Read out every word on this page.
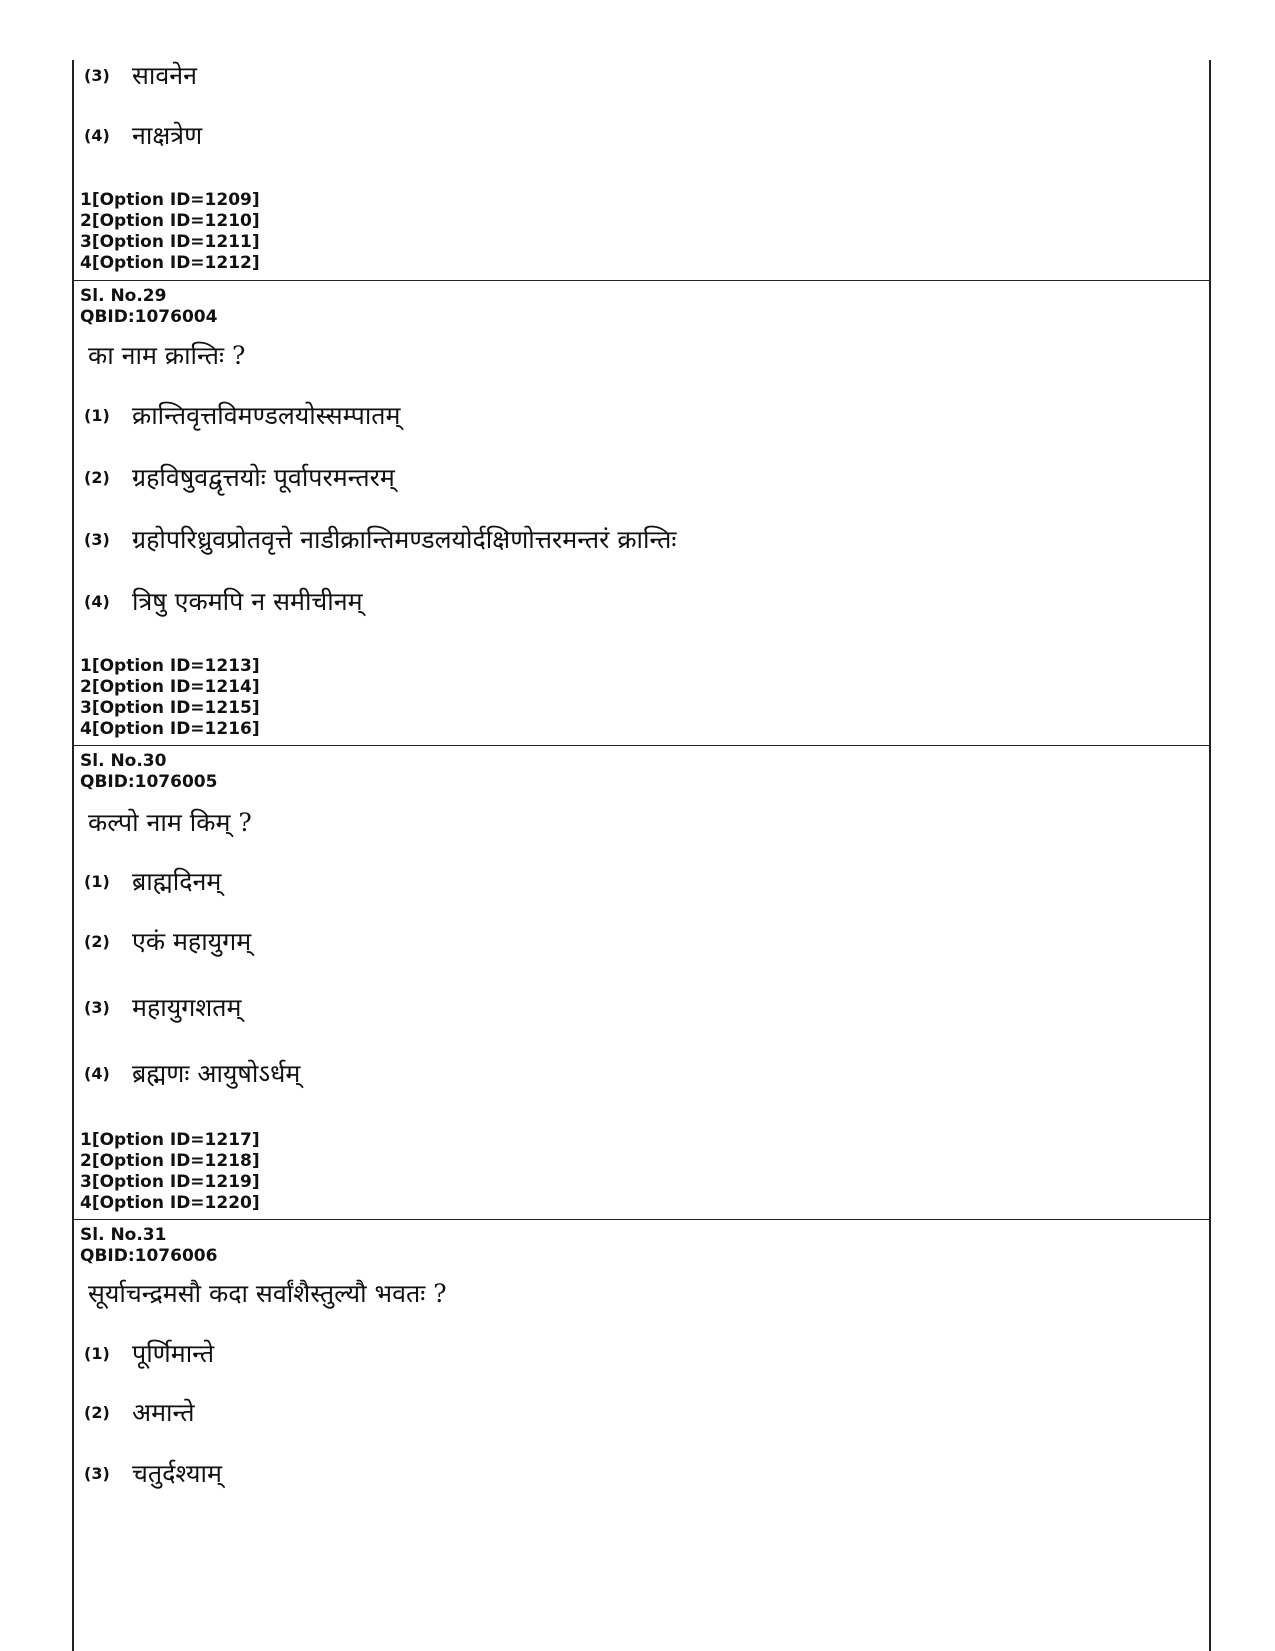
(3) सावनेन
(4) नाक्षत्रेण
1[Option ID=1209]
2[Option ID=1210]
3[Option ID=1211]
4[Option ID=1212]
Sl. No.29
QBID:1076004
का नाम क्रान्तिः ?
(1) क्रान्तिवृत्तविमण्डलयोस्सम्पातम्
(2) ग्रहविषुवद्वृत्तयोः पूर्वापरमन्तरम्
(3) ग्रहोपरिध्रुवप्रोतवृत्ते नाडीक्रान्तिमण्डलयोर्दक्षिणोत्तरमन्तरं क्रान्तिः
(4) त्रिषु एकमपि न समीचीनम्
1[Option ID=1213]
2[Option ID=1214]
3[Option ID=1215]
4[Option ID=1216]
Sl. No.30
QBID:1076005
कल्पो नाम किम् ?
(1) ब्राह्मदिनम्
(2) एकं महायुगम्
(3) महायुगशतम्
(4) ब्रह्मणः आयुषोऽर्धम्
1[Option ID=1217]
2[Option ID=1218]
3[Option ID=1219]
4[Option ID=1220]
Sl. No.31
QBID:1076006
सूर्याचन्द्रमसौ कदा सर्वांशैस्तुल्यौ भवतः ?
(1) पूर्णिमान्ते
(2) अमान्ते
(3) चतुर्दश्याम्
